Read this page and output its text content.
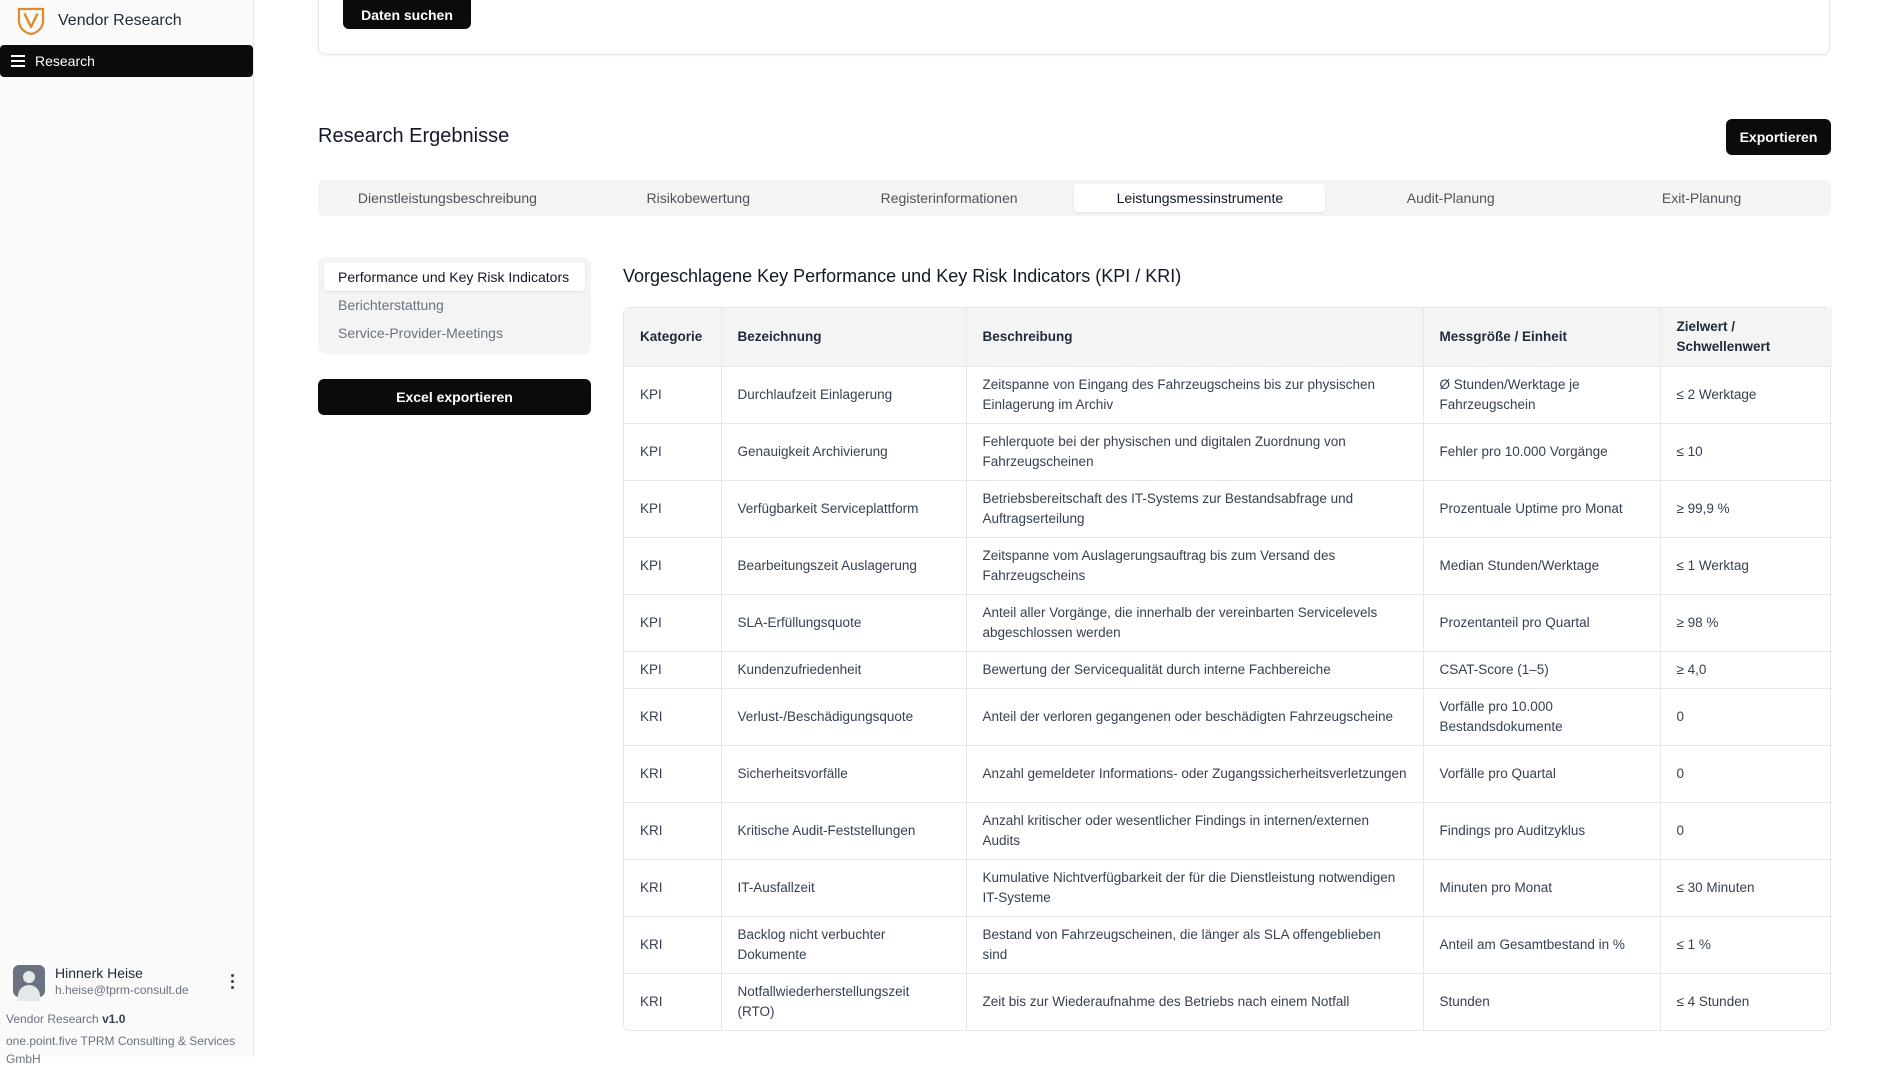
Vendor Research
Research
Hinnerk Heise
h.heise@tprm-consult.de
Vendor Research v1.0
one.point.five TPRM Consulting & Services GmbH
Daten suchen
Research Ergebnisse	Exportieren
Dienstleistungsbeschreibung	Risikobewertung	Registerinformationen	Leistungsmessinstrumente	Audit-Planung	Exit-Planung
Performance und Key Risk Indicators
Berichterstattung
Service-Provider-Meetings
Excel exportieren
Vorgeschlagene Key Performance und Key Risk Indicators (KPI / KRI)
Kategorie	Bezeichnung	Beschreibung	Messgröße / Einheit	Zielwert / Schwellenwert
KPI	Durchlaufzeit Einlagerung	Zeitspanne von Eingang des Fahrzeugscheins bis zur physischen Einlagerung im Archiv	Ø Stunden/Werktage je Fahrzeugschein	≤ 2 Werktage
KPI	Genauigkeit Archivierung	Fehlerquote bei der physischen und digitalen Zuordnung von Fahrzeugscheinen	Fehler pro 10.000 Vorgänge	≤ 10
KPI	Verfügbarkeit Serviceplattform	Betriebsbereitschaft des IT-Systems zur Bestandsabfrage und Auftragserteilung	Prozentuale Uptime pro Monat	≥ 99,9 %
KPI	Bearbeitungszeit Auslagerung	Zeitspanne vom Auslagerungsauftrag bis zum Versand des Fahrzeugscheins	Median Stunden/Werktage	≤ 1 Werktag
KPI	SLA-Erfüllungsquote	Anteil aller Vorgänge, die innerhalb der vereinbarten Servicelevels abgeschlossen werden	Prozentanteil pro Quartal	≥ 98 %
KPI	Kundenzufriedenheit	Bewertung der Servicequalität durch interne Fachbereiche	CSAT-Score (1–5)	≥ 4,0
KRI	Verlust-/Beschädigungsquote	Anteil der verloren gegangenen oder beschädigten Fahrzeugscheine	Vorfälle pro 10.000 Bestandsdokumente	0
KRI	Sicherheitsvorfälle	Anzahl gemeldeter Informations- oder Zugangssicherheitsverletzungen	Vorfälle pro Quartal	0
KRI	Kritische Audit-Feststellungen	Anzahl kritischer oder wesentlicher Findings in internen/externen Audits	Findings pro Auditzyklus	0
KRI	IT-Ausfallzeit	Kumulative Nichtverfügbarkeit der für die Dienstleistung notwendigen IT-Systeme	Minuten pro Monat	≤ 30 Minuten
KRI	Backlog nicht verbuchter Dokumente	Bestand von Fahrzeugscheinen, die länger als SLA offengeblieben sind	Anteil am Gesamtbestand in %	≤ 1 %
KRI	Notfallwiederherstellungszeit (RTO)	Zeit bis zur Wiederaufnahme des Betriebs nach einem Notfall	Stunden	≤ 4 Stunden
